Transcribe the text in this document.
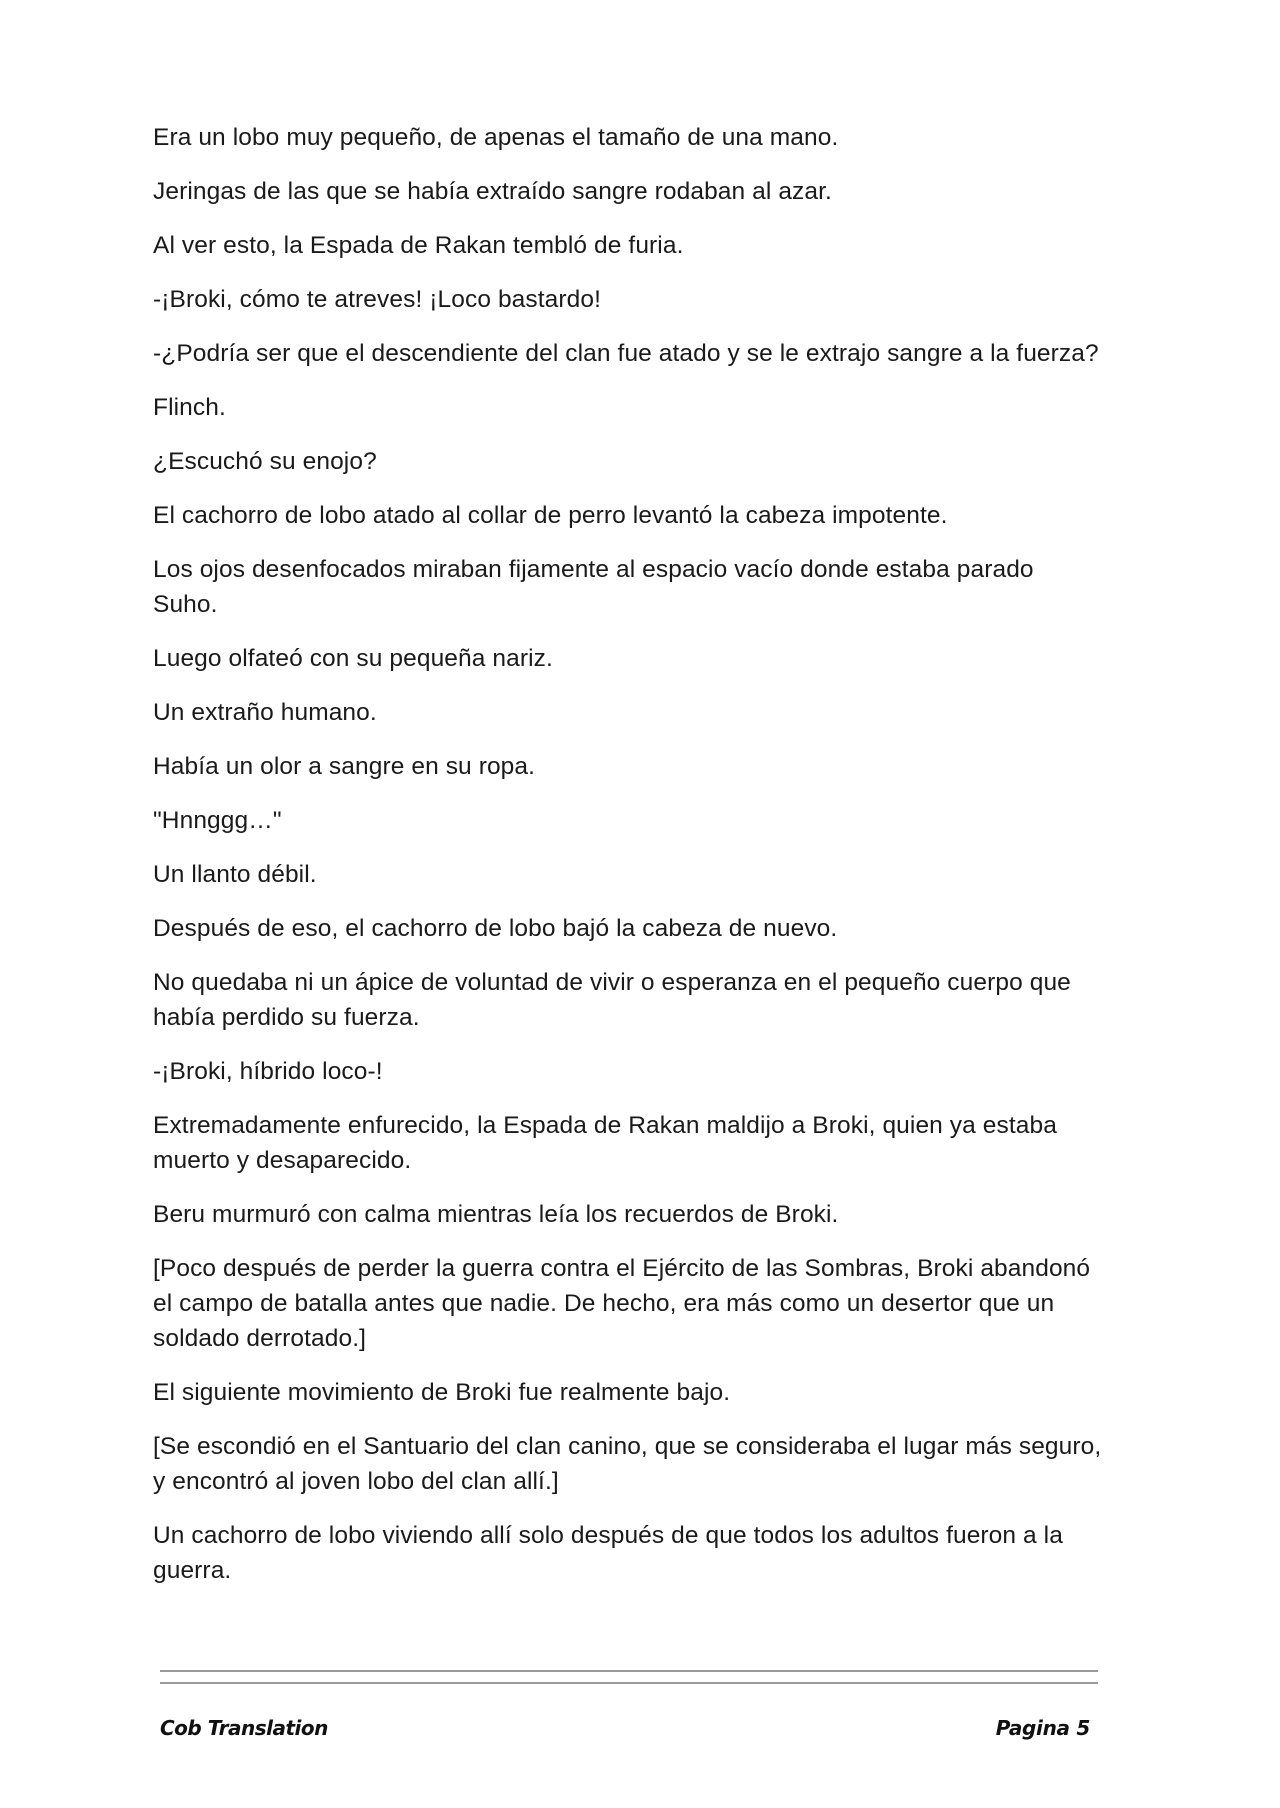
Era un lobo muy pequeño, de apenas el tamaño de una mano.

Jeringas de las que se había extraído sangre rodaban al azar.

Al ver esto, la Espada de Rakan tembló de furia.

-¡Broki, cómo te atreves! ¡Loco bastardo!

-¿Podría ser que el descendiente del clan fue atado y se le extrajo sangre a la fuerza?

Flinch.

¿Escuchó su enojo?

El cachorro de lobo atado al collar de perro levantó la cabeza impotente.

Los ojos desenfocados miraban fijamente al espacio vacío donde estaba parado Suho.

Luego olfateó con su pequeña nariz.

Un extraño humano.

Había un olor a sangre en su ropa.

"Hnnggg…"

Un llanto débil.

Después de eso, el cachorro de lobo bajó la cabeza de nuevo.

No quedaba ni un ápice de voluntad de vivir o esperanza en el pequeño cuerpo que había perdido su fuerza.

-¡Broki, híbrido loco-!

Extremadamente enfurecido, la Espada de Rakan maldijo a Broki, quien ya estaba muerto y desaparecido.

Beru murmuró con calma mientras leía los recuerdos de Broki.

[Poco después de perder la guerra contra el Ejército de las Sombras, Broki abandonó el campo de batalla antes que nadie. De hecho, era más como un desertor que un soldado derrotado.]

El siguiente movimiento de Broki fue realmente bajo.

[Se escondió en el Santuario del clan canino, que se consideraba el lugar más seguro, y encontró al joven lobo del clan allí.]

Un cachorro de lobo viviendo allí solo después de que todos los adultos fueron a la guerra.

Cob Translation	Pagina 5
